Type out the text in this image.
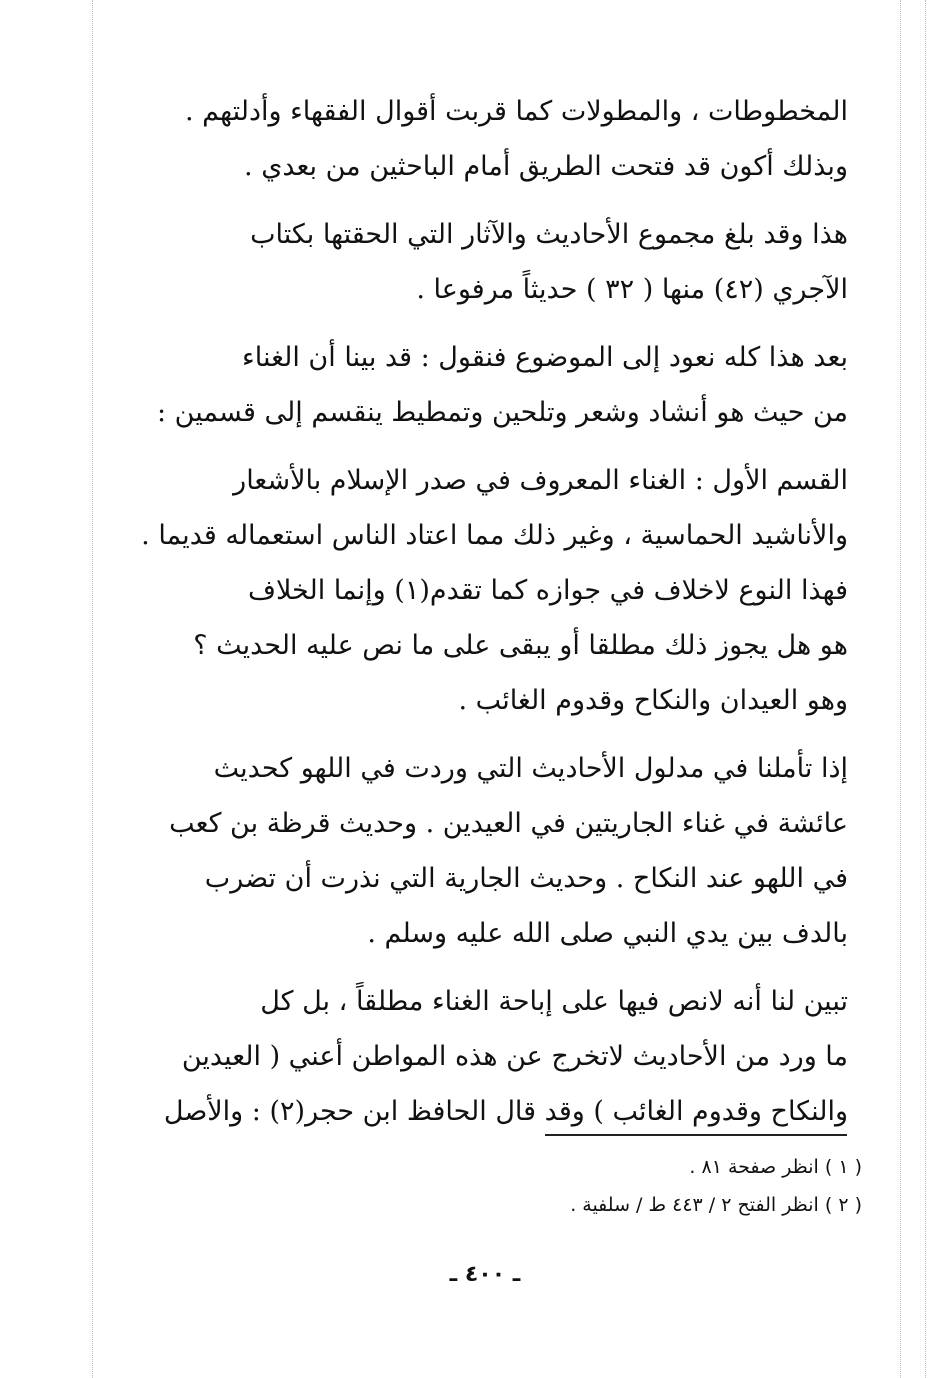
المخطوطات ، والمطولات كما قربت أقوال الفقهاء وأدلتهم .
وبذلك أكون قد فتحت الطريق أمام الباحثين من بعدي .
هذا وقد بلغ مجموع الأحاديث والآثار التي الحقتها بكتاب
الآجري (٤٢) منها ( ٣٢ ) حديثاً مرفوعا .
بعد هذا كله نعود إلى الموضوع فنقول : قد بينا أن الغناء
من حيث هو أنشاد وشعر وتلحين وتمطيط ينقسم إلى قسمين :
القسم الأول : الغناء المعروف في صدر الإسلام بالأشعار
والأناشيد الحماسية ، وغير ذلك مما اعتاد الناس استعماله قديما .
فهذا النوع لاخلاف في جوازه كما تقدم(١) وإنما الخلاف
هو هل يجوز ذلك مطلقا أو يبقى على ما نص عليه الحديث ؟
وهو العيدان والنكاح وقدوم الغائب .
إذا تأملنا في مدلول الأحاديث التي وردت في اللهو كحديث
عائشة في غناء الجاريتين في العيدين . وحديث قرظة بن كعب
في اللهو عند النكاح . وحديث الجارية التي نذرت أن تضرب
بالدف بين يدي النبي صلى الله عليه وسلم .
تبين لنا أنه لانص فيها على إباحة الغناء مطلقاً ، بل كل
ما ورد من الأحاديث لاتخرج عن هذه المواطن أعني ( العيدين
والنكاح وقدوم الغائب ) وقد قال الحافظ ابن حجر(٢) : والأصل
( ١ ) انظر صفحة ٨١ .
( ٢ ) انظر الفتح ٢ / ٤٤٣ ط / سلفية .
ـ ٤٠٠ ـ
